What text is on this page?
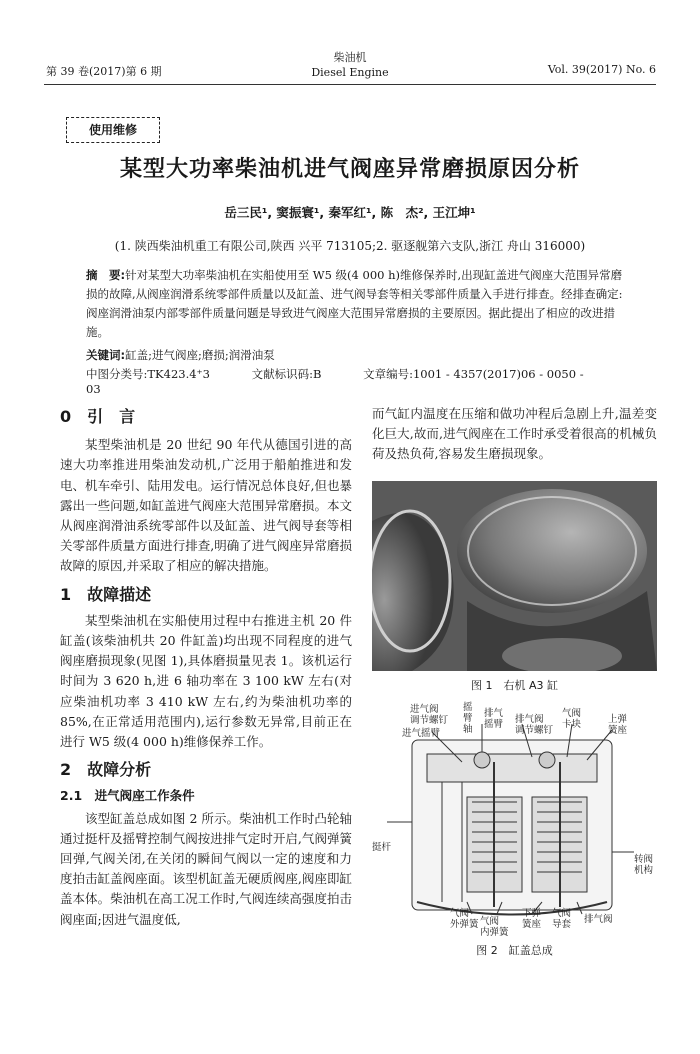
第 39 卷(2017)第 6 期
柴油机
Diesel Engine	Vol. 39(2017) No. 6
使用维修
某型大功率柴油机进气阀座异常磨损原因分析
岳三民¹, 窦振寰¹, 秦军红¹, 陈　杰², 王江坤¹
(1. 陕西柴油机重工有限公司,陕西 兴平 713105;2. 驱逐舰第六支队,浙江 舟山 316000)
摘　要:针对某型大功率柴油机在实船使用至 W5 级(4 000 h)维修保养时,出现缸盖进气阀座大范围异常磨损的故障,从阀座润滑系统零部件质量以及缸盖、进气阀导套等相关零部件质量入手进行排查。经排查确定:阀座润滑油泵内部零部件质量问题是导致进气阀座大范围异常磨损的主要原因。据此提出了相应的改进措施。
关键词:缸盖;进气阀座;磨损;润滑油泵
中图分类号:TK423.4⁺3	文献标识码:B	文章编号:1001 - 4357(2017)06 - 0050 - 03
0　引　言

某型柴油机是 20 世纪 90 年代从德国引进的高速大功率推进用柴油发动机,广泛用于船舶推进和发电、机车牵引、陆用发电。运行情况总体良好,但也暴露出一些问题,如缸盖进气阀座大范围异常磨损。本文从阀座润滑油系统零部件以及缸盖、进气阀导套等相关零部件质量方面进行排查,明确了进气阀座异常磨损故障的原因,并采取了相应的解决措施。

1　故障描述

某型柴油机在实船使用过程中右推进主机 20 件缸盖(该柴油机共 20 件缸盖)均出现不同程度的进气阀座磨损现象(见图 1),具体磨损量见表 1。该机运行时间为 3 620 h,进 6 轴功率在 3 100 kW 左右(对应柴油机功率 3 410 kW 左右,约为柴油机功率的 85%,在正常适用范围内),运行参数无异常,目前正在进行 W5 级(4 000 h)维修保养工作。

2　故障分析
2.1　进气阀座工作条件

该型缸盖总成如图 2 所示。柴油机工作时凸轮轴通过挺杆及摇臂控制气阀按进排气定时开启,气阀弹簧回弹,气阀关闭,在关闭的瞬间气阀以一定的速度和力度拍击缸盖阀座面。该型机缸盖无硬质阀座,阀座即缸盖本体。柴油机在高工况工作时,气阀连续高强度拍击阀座面;因进气温度低,

而气缸内温度在压缩和做功冲程后急剧上升,温差变化巨大,故而,进气阀座在工作时承受着很高的机械负荷及热负荷,容易发生磨损现象。

图 1　右机 A3 缸
进气阀
调节螺钉
进气摇臂
摇
臂
轴
排气
摇臂 排气阀
调节螺钉
气阀
卡块	上弹
簧座
挺杆
转阀
机构
气阀
外弹簧 气阀
内弹簧
下弹
簧座
气阀
导套 排气阀
图 2　缸盖总成
